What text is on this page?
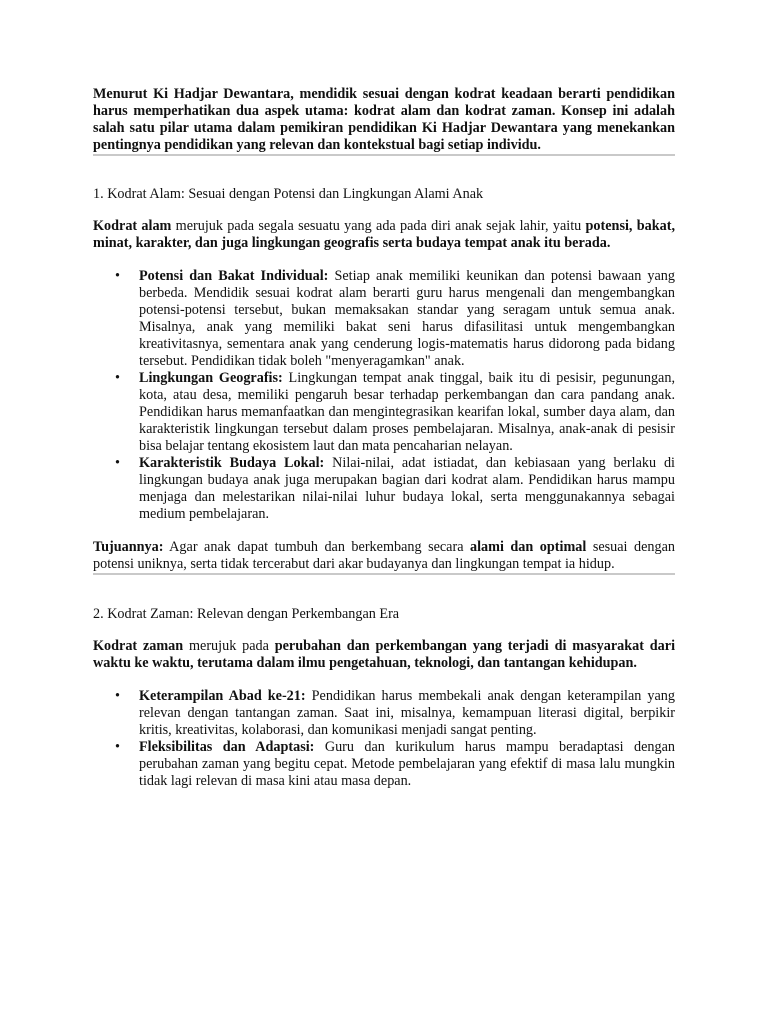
Menurut Ki Hadjar Dewantara, mendidik sesuai dengan kodrat keadaan berarti pendidikan harus memperhatikan dua aspek utama: kodrat alam dan kodrat zaman. Konsep ini adalah salah satu pilar utama dalam pemikiran pendidikan Ki Hadjar Dewantara yang menekankan pentingnya pendidikan yang relevan dan kontekstual bagi setiap individu.

1. Kodrat Alam: Sesuai dengan Potensi dan Lingkungan Alami Anak

Kodrat alam merujuk pada segala sesuatu yang ada pada diri anak sejak lahir, yaitu potensi, bakat, minat, karakter, dan juga lingkungan geografis serta budaya tempat anak itu berada.

• Potensi dan Bakat Individual: Setiap anak memiliki keunikan dan potensi bawaan yang berbeda. Mendidik sesuai kodrat alam berarti guru harus mengenali dan mengembangkan potensi-potensi tersebut, bukan memaksakan standar yang seragam untuk semua anak. Misalnya, anak yang memiliki bakat seni harus difasilitasi untuk mengembangkan kreativitasnya, sementara anak yang cenderung logis-matematis harus didorong pada bidang tersebut. Pendidikan tidak boleh "menyeragamkan" anak.
• Lingkungan Geografis: Lingkungan tempat anak tinggal, baik itu di pesisir, pegunungan, kota, atau desa, memiliki pengaruh besar terhadap perkembangan dan cara pandang anak. Pendidikan harus memanfaatkan dan mengintegrasikan kearifan lokal, sumber daya alam, dan karakteristik lingkungan tersebut dalam proses pembelajaran. Misalnya, anak-anak di pesisir bisa belajar tentang ekosistem laut dan mata pencaharian nelayan.
• Karakteristik Budaya Lokal: Nilai-nilai, adat istiadat, dan kebiasaan yang berlaku di lingkungan budaya anak juga merupakan bagian dari kodrat alam. Pendidikan harus mampu menjaga dan melestarikan nilai-nilai luhur budaya lokal, serta menggunakannya sebagai medium pembelajaran.

Tujuannya: Agar anak dapat tumbuh dan berkembang secara alami dan optimal sesuai dengan potensi uniknya, serta tidak tercerabut dari akar budayanya dan lingkungan tempat ia hidup.

2. Kodrat Zaman: Relevan dengan Perkembangan Era

Kodrat zaman merujuk pada perubahan dan perkembangan yang terjadi di masyarakat dari waktu ke waktu, terutama dalam ilmu pengetahuan, teknologi, dan tantangan kehidupan.

• Keterampilan Abad ke-21: Pendidikan harus membekali anak dengan keterampilan yang relevan dengan tantangan zaman. Saat ini, misalnya, kemampuan literasi digital, berpikir kritis, kreativitas, kolaborasi, dan komunikasi menjadi sangat penting.
• Fleksibilitas dan Adaptasi: Guru dan kurikulum harus mampu beradaptasi dengan perubahan zaman yang begitu cepat. Metode pembelajaran yang efektif di masa lalu mungkin tidak lagi relevan di masa kini atau masa depan.
